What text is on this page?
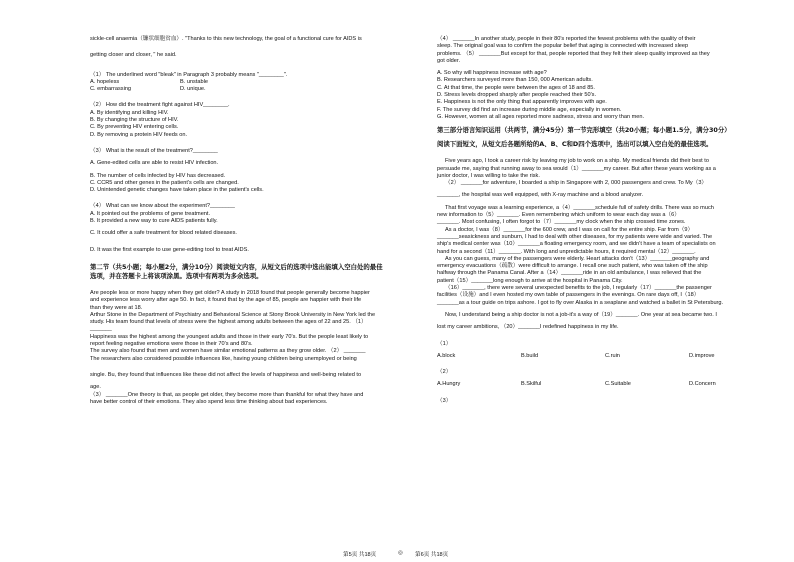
sickle-cell anaemia（镰状细胞贫血）. "Thanks to this new technology, the goal of a functional cure for AIDS is

getting closer and closer, " he said.

（1） The underlined word "bleak" in Paragraph 3 probably means "________".

A. hopeless	B. unstable
C. embarrassing	D. unique.

（2） How did the treatment fight against HIV________.

A. By identifying and killing HIV.

B. By changing the structure of HIV.

C. By preventing HIV entering cells.

D. By removing a protein HIV feeds on.

（3） What is the result of the treatment?________

A. Gene-edited cells are able to resist HIV infection.

B. The number of cells infected by HIV has decreased.

C. CCR5 and other genes in the patient's cells are changed.

D. Unintended genetic changes have taken place in the patient's cells.

（4） What can we know about the experiment?________

A. It pointed out the problems of gene treatment.

B. It provided a new way to cure AIDS patients fully.

C. It could offer a safe treatment for blood related diseases.

D. It was the first example to use gene-editing tool to treat AIDS.

第二节（共5小题；每小题2分，满分10分）阅读短文内容，从短文后的选项中选出能填入空白处的最佳

选项，并在答题卡上将该项涂黑。选项中有两项为多余选项。

Are people less or more happy when they get older? A study in 2018 found that people generally become happier

and experience less worry after age 50. In fact, it found that by the age of 85, people are happier with their life

than they were at 18.

Arthur Stone in the Department of Psychiatry and Behavioral Science at Stony Brook University in New York led the

study. His team found that levels of stress were the highest among adults between the ages of 22 and 25. （1）

_______

Happiness was the highest among the youngest adults and those in their early 70's. But the people least likely to

report feeling negative emotions were those in their 70's and 80's.

The survey also found that men and women have similar emotional patterns as they grow older. （2） _______

The researchers also considered possible influences like, having young children being unemployed or being

single. Bu, they found that influences like these did not affect the levels of happiness and well-being related to

age.

（3） _______One theory is that, as people get older, they become more than thankful for what they have and

have better control of their emotions. They also spend less time thinking about bad experiences.

（4） _______In another study, people in their 80's reported the fewest problems with the quality of their

sleep. The original goal was to confirm the popular belief that aging is connected with increased sleep

problems. （5） _______But except for that, people reported that they felt their sleep quality improved as they

got older.

A. So why will happiness increase with age?

B. Researchers surveyed more than 150, 000 American adults.

C. At that time, the people were between the ages of 18 and 85.

D. Stress levels dropped sharply after people reached their 50's.

E. Happiness is not the only thing that apparently improves with age.

F. The survey did find an increase during middle age, especially in women.

G. However, women at all ages reported more sadness, stress and worry than men.

第三部分语言知识运用（共两节，满分45分）第一节完形填空（共20小题；每小题1.5分，满分30分）

阅读下面短文，从短文后各题所给的A、B、C和D四个选项中，选出可以填入空白处的最佳选项。

Five years ago, I took a career risk by leaving my job to work on a ship. My medical friends did their best to

persuade me, saying that running away to sea would（1）_______my career. But after these years working as a

junior doctor, I was willing to take the risk.

（2） _______for adventure, I boarded a ship in Singapore with 2, 000 passengers and crew. To My（3）

_______, the hospital was well equipped, with X-ray machine and a blood analyzer.

That first voyage was a learning experience, a（4）_______schedule full of safety drills. There was so much

new information to（5）_______. Even remembering which uniform to wear each day was a（6）

_______. Most confusing, I often forgot to（7）_______my clock when the ship crossed time zones.

As a doctor, I was（8）_______for the 600 crew, and I was on call for the entire ship. Far from（9）

_______seasickness and sunburn, I had to deal with other diseases, for my patients were wide and varied. The

ship's medical center was（10）_______a floating emergency room, and we didn't have a team of specialists on

hand for a second（11）_______. With long and unpredictable hours, it required mental（12）_______.

As you can guess, many of the passengers were elderly. Heart attacks don't（13）_______geography and

emergency evacuations（疏散）were difficult to arrange. I recall one such patient, who was taken off the ship

halfway through the Panama Canal. After a（14）_______ride in an old ambulance, I was relieved that the

patient（15）_______long enough to arrive at the hospital in Panama City.

（16）_______, there were several unexpected benefits to the job, I regularly（17）_______the passenger

facilities（设施）and I even hosted my own table of passengers in the evenings. On rare days off, I（18）

_______as a tour guide on trips ashore. I got to fly over Alaska in a seaplane and watched a ballet in St Petersburg.

Now, I understand being a ship doctor is not a job-it's a way of（19）_______. One year at sea became two. I

lost my career ambitions, （20）_______I redefined happiness in my life.

（1）

A.block	B.build	C.ruin	D.improve

（2）

A.Hungry	B.Skilful	C.Suitable	D.Concern

（3）

第5页 共18页	◎ 第6页 共18页
